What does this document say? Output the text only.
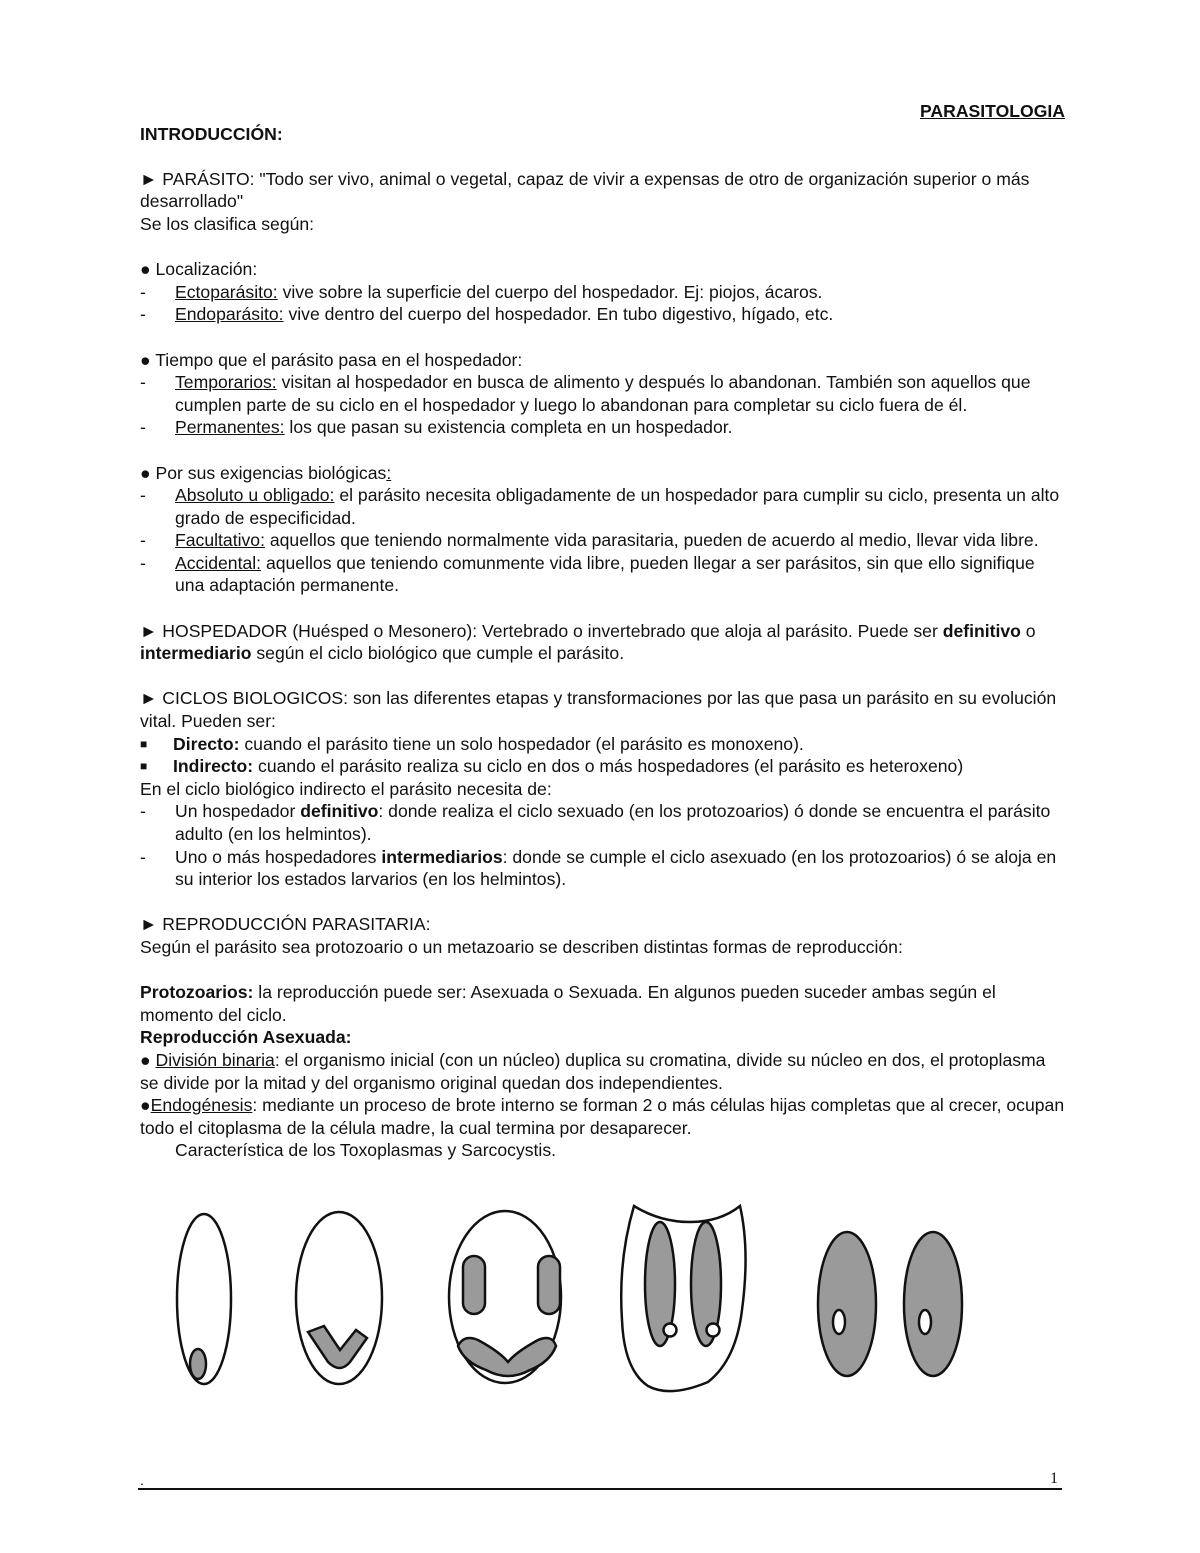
PARASITOLOGIA

INTRODUCCIÓN:

► PARÁSITO: "Todo ser vivo, animal o vegetal, capaz de vivir a expensas de otro de organización superior o más desarrollado"

Se los clasifica según:

● Localización:

- Ectoparásito: vive sobre la superficie del cuerpo del hospedador. Ej: piojos, ácaros.

- Endoparásito: vive dentro del cuerpo del hospedador. En tubo digestivo, hígado, etc.

● Tiempo que el parásito pasa en el hospedador:

- Temporarios: visitan al hospedador en busca de alimento y después lo abandonan. También son aquellos que cumplen parte de su ciclo en el hospedador y luego lo abandonan para completar su ciclo fuera de él.

- Permanentes: los que pasan su existencia completa en un hospedador.

● Por sus exigencias biológicas:

- Absoluto u obligado: el parásito necesita obligadamente de un hospedador para cumplir su ciclo, presenta un alto grado de especificidad.

- Facultativo: aquellos que teniendo normalmente vida parasitaria, pueden de acuerdo al medio, llevar vida libre.

- Accidental: aquellos que teniendo comunmente vida libre, pueden llegar a ser parásitos, sin que ello signifique una adaptación permanente.

► HOSPEDADOR (Huésped o Mesonero): Vertebrado o invertebrado que aloja al parásito. Puede ser definitivo o intermediario según el ciclo biológico que cumple el parásito.

► CICLOS BIOLOGICOS: son las diferentes etapas y transformaciones por las que pasa un parásito en su evolución vital. Pueden ser:

■ Directo: cuando el parásito tiene un solo hospedador (el parásito es monoxeno).

■ Indirecto: cuando el parásito realiza su ciclo en dos o más hospedadores (el parásito es heteroxeno)

En el ciclo biológico indirecto el parásito necesita de:

- Un hospedador definitivo: donde realiza el ciclo sexuado (en los protozoarios) ó donde se encuentra el parásito adulto (en los helmintos).

- Uno o más hospedadores intermediarios: donde se cumple el ciclo asexuado (en los protozoarios) ó se aloja en su interior los estados larvarios (en los helmintos).

► REPRODUCCIÓN PARASITARIA:

Según el parásito sea protozoario o un metazoario se describen distintas formas de reproducción:

Protozoarios: la reproducción puede ser: Asexuada o Sexuada. En algunos pueden suceder ambas según el momento del ciclo.

Reproducción Asexuada:

● División binaria: el organismo inicial (con un núcleo) duplica su cromatina, divide su núcleo en dos, el protoplasma se divide por la mitad y del organismo original quedan dos independientes.

●Endogénesis: mediante un proceso de brote interno se forman 2 o más células hijas completas que al crecer, ocupan todo el citoplasma de la célula madre, la cual termina por desaparecer.

Característica de los Toxoplasmas y Sarcocystis.

.	1
